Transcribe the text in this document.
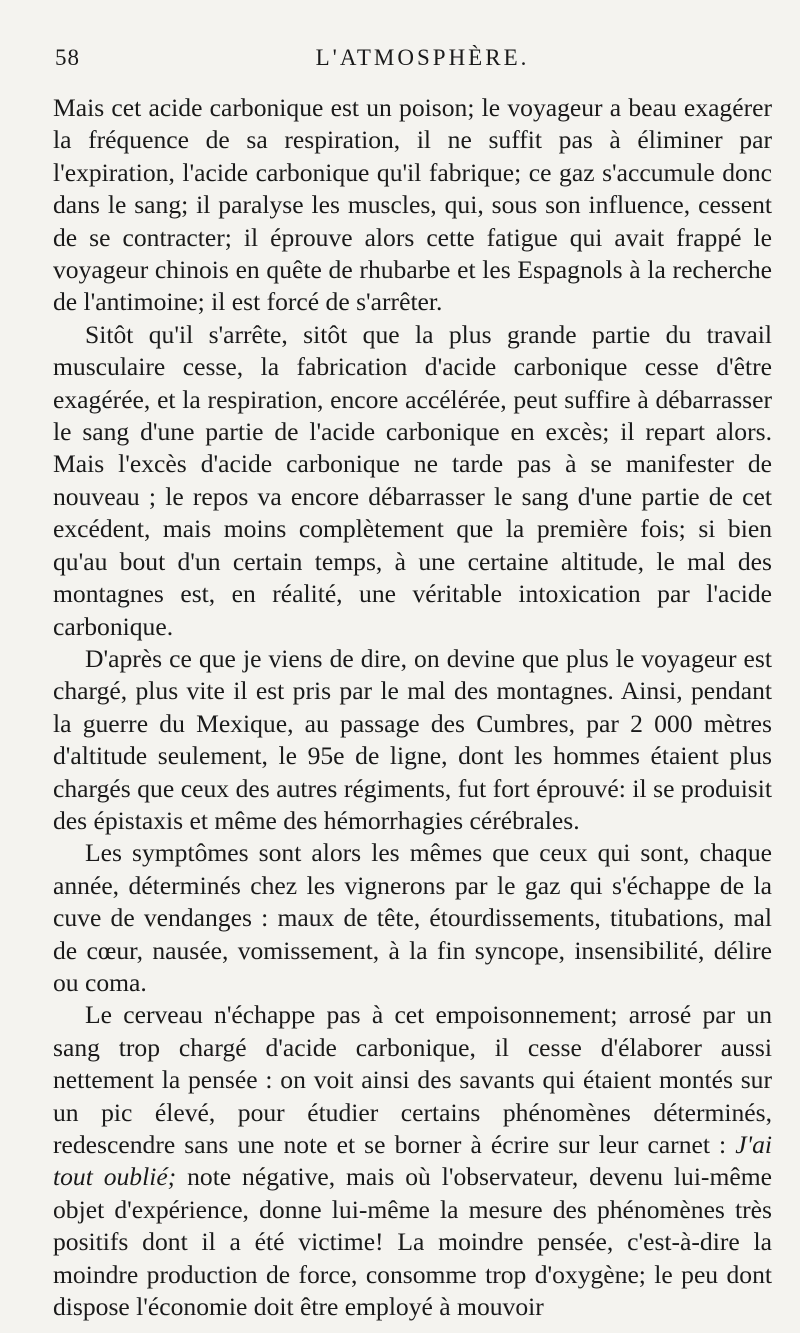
58	L'ATMOSPHÈRE.

Mais cet acide carbonique est un poison; le voyageur a beau exagérer la fréquence de sa respiration, il ne suffit pas à éliminer par l'expiration, l'acide carbonique qu'il fabrique; ce gaz s'accumule donc dans le sang; il paralyse les muscles, qui, sous son influence, cessent de se contracter; il éprouve alors cette fatigue qui avait frappé le voyageur chinois en quête de rhubarbe et les Espagnols à la recherche de l'antimoine; il est forcé de s'arrêter.

Sitôt qu'il s'arrête, sitôt que la plus grande partie du travail musculaire cesse, la fabrication d'acide carbonique cesse d'être exagérée, et la respiration, encore accélérée, peut suffire à débarrasser le sang d'une partie de l'acide carbonique en excès; il repart alors. Mais l'excès d'acide carbonique ne tarde pas à se manifester de nouveau ; le repos va encore débarrasser le sang d'une partie de cet excédent, mais moins complètement que la première fois; si bien qu'au bout d'un certain temps, à une certaine altitude, le mal des montagnes est, en réalité, une véritable intoxication par l'acide carbonique.

D'après ce que je viens de dire, on devine que plus le voyageur est chargé, plus vite il est pris par le mal des montagnes. Ainsi, pendant la guerre du Mexique, au passage des Cumbres, par 2 000 mètres d'altitude seulement, le 95e de ligne, dont les hommes étaient plus chargés que ceux des autres régiments, fut fort éprouvé: il se produisit des épistaxis et même des hémorrhagies cérébrales.

Les symptômes sont alors les mêmes que ceux qui sont, chaque année, déterminés chez les vignerons par le gaz qui s'échappe de la cuve de vendanges : maux de tête, étourdissements, titubations, mal de cœur, nausée, vomissement, à la fin syncope, insensibilité, délire ou coma.

Le cerveau n'échappe pas à cet empoisonnement; arrosé par un sang trop chargé d'acide carbonique, il cesse d'élaborer aussi nettement la pensée : on voit ainsi des savants qui étaient montés sur un pic élevé, pour étudier certains phénomènes déterminés, redescendre sans une note et se borner à écrire sur leur carnet : J'ai tout oublié; note négative, mais où l'observateur, devenu lui-même objet d'expérience, donne lui-même la mesure des phénomènes très positifs dont il a été victime! La moindre pensée, c'est-à-dire la moindre production de force, consomme trop d'oxygène; le peu dont dispose l'économie doit être employé à mouvoir
